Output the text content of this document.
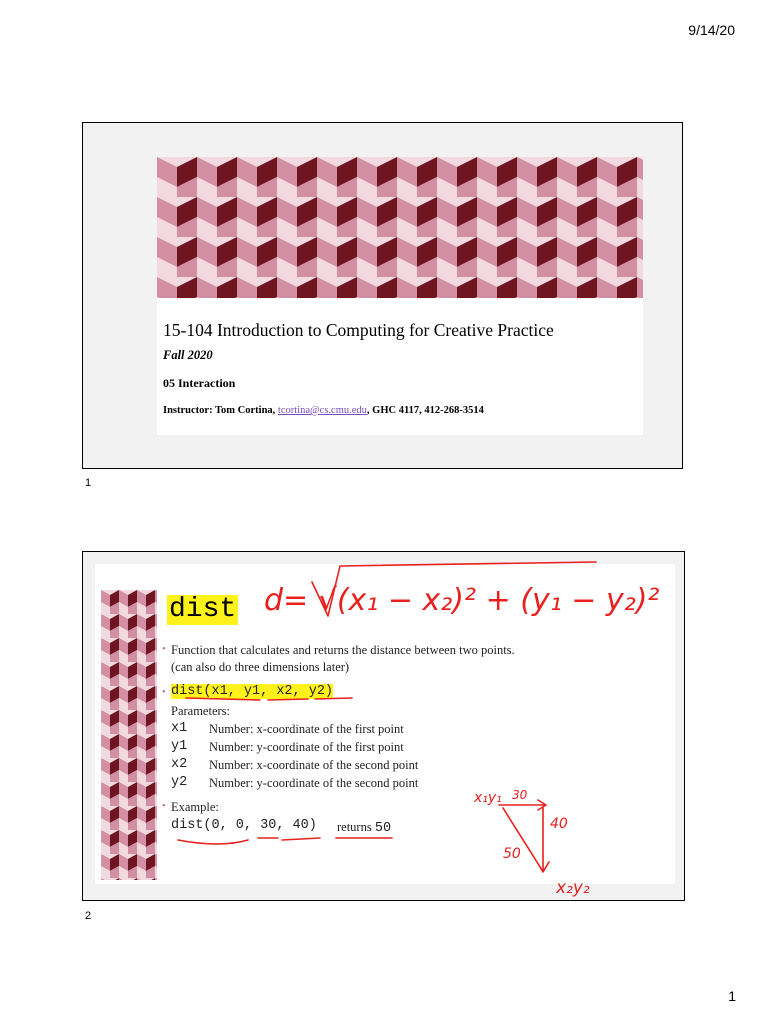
9/14/20
15-104 Introduction to Computing for Creative Practice
Fall 2020
05 Interaction
Instructor: Tom Cortina, tcortina@cs.cmu.edu, GHC 4117, 412-268-3514
1
dist
• Function that calculates and returns the distance between two points.
(can also do three dimensions later)
• dist(x1, y1, x2, y2)
Parameters:
x1 Number: x-coordinate of the first point
y1 Number: y-coordinate of the first point
x2 Number: x-coordinate of the second point
y2 Number: y-coordinate of the second point
• Example:
dist(0, 0, 30, 40) returns 50
2
d= √(x₁ − x₂)² + (y₁ − y₂)²
x₁y₁ 30
40
50
x₂y₂
1
